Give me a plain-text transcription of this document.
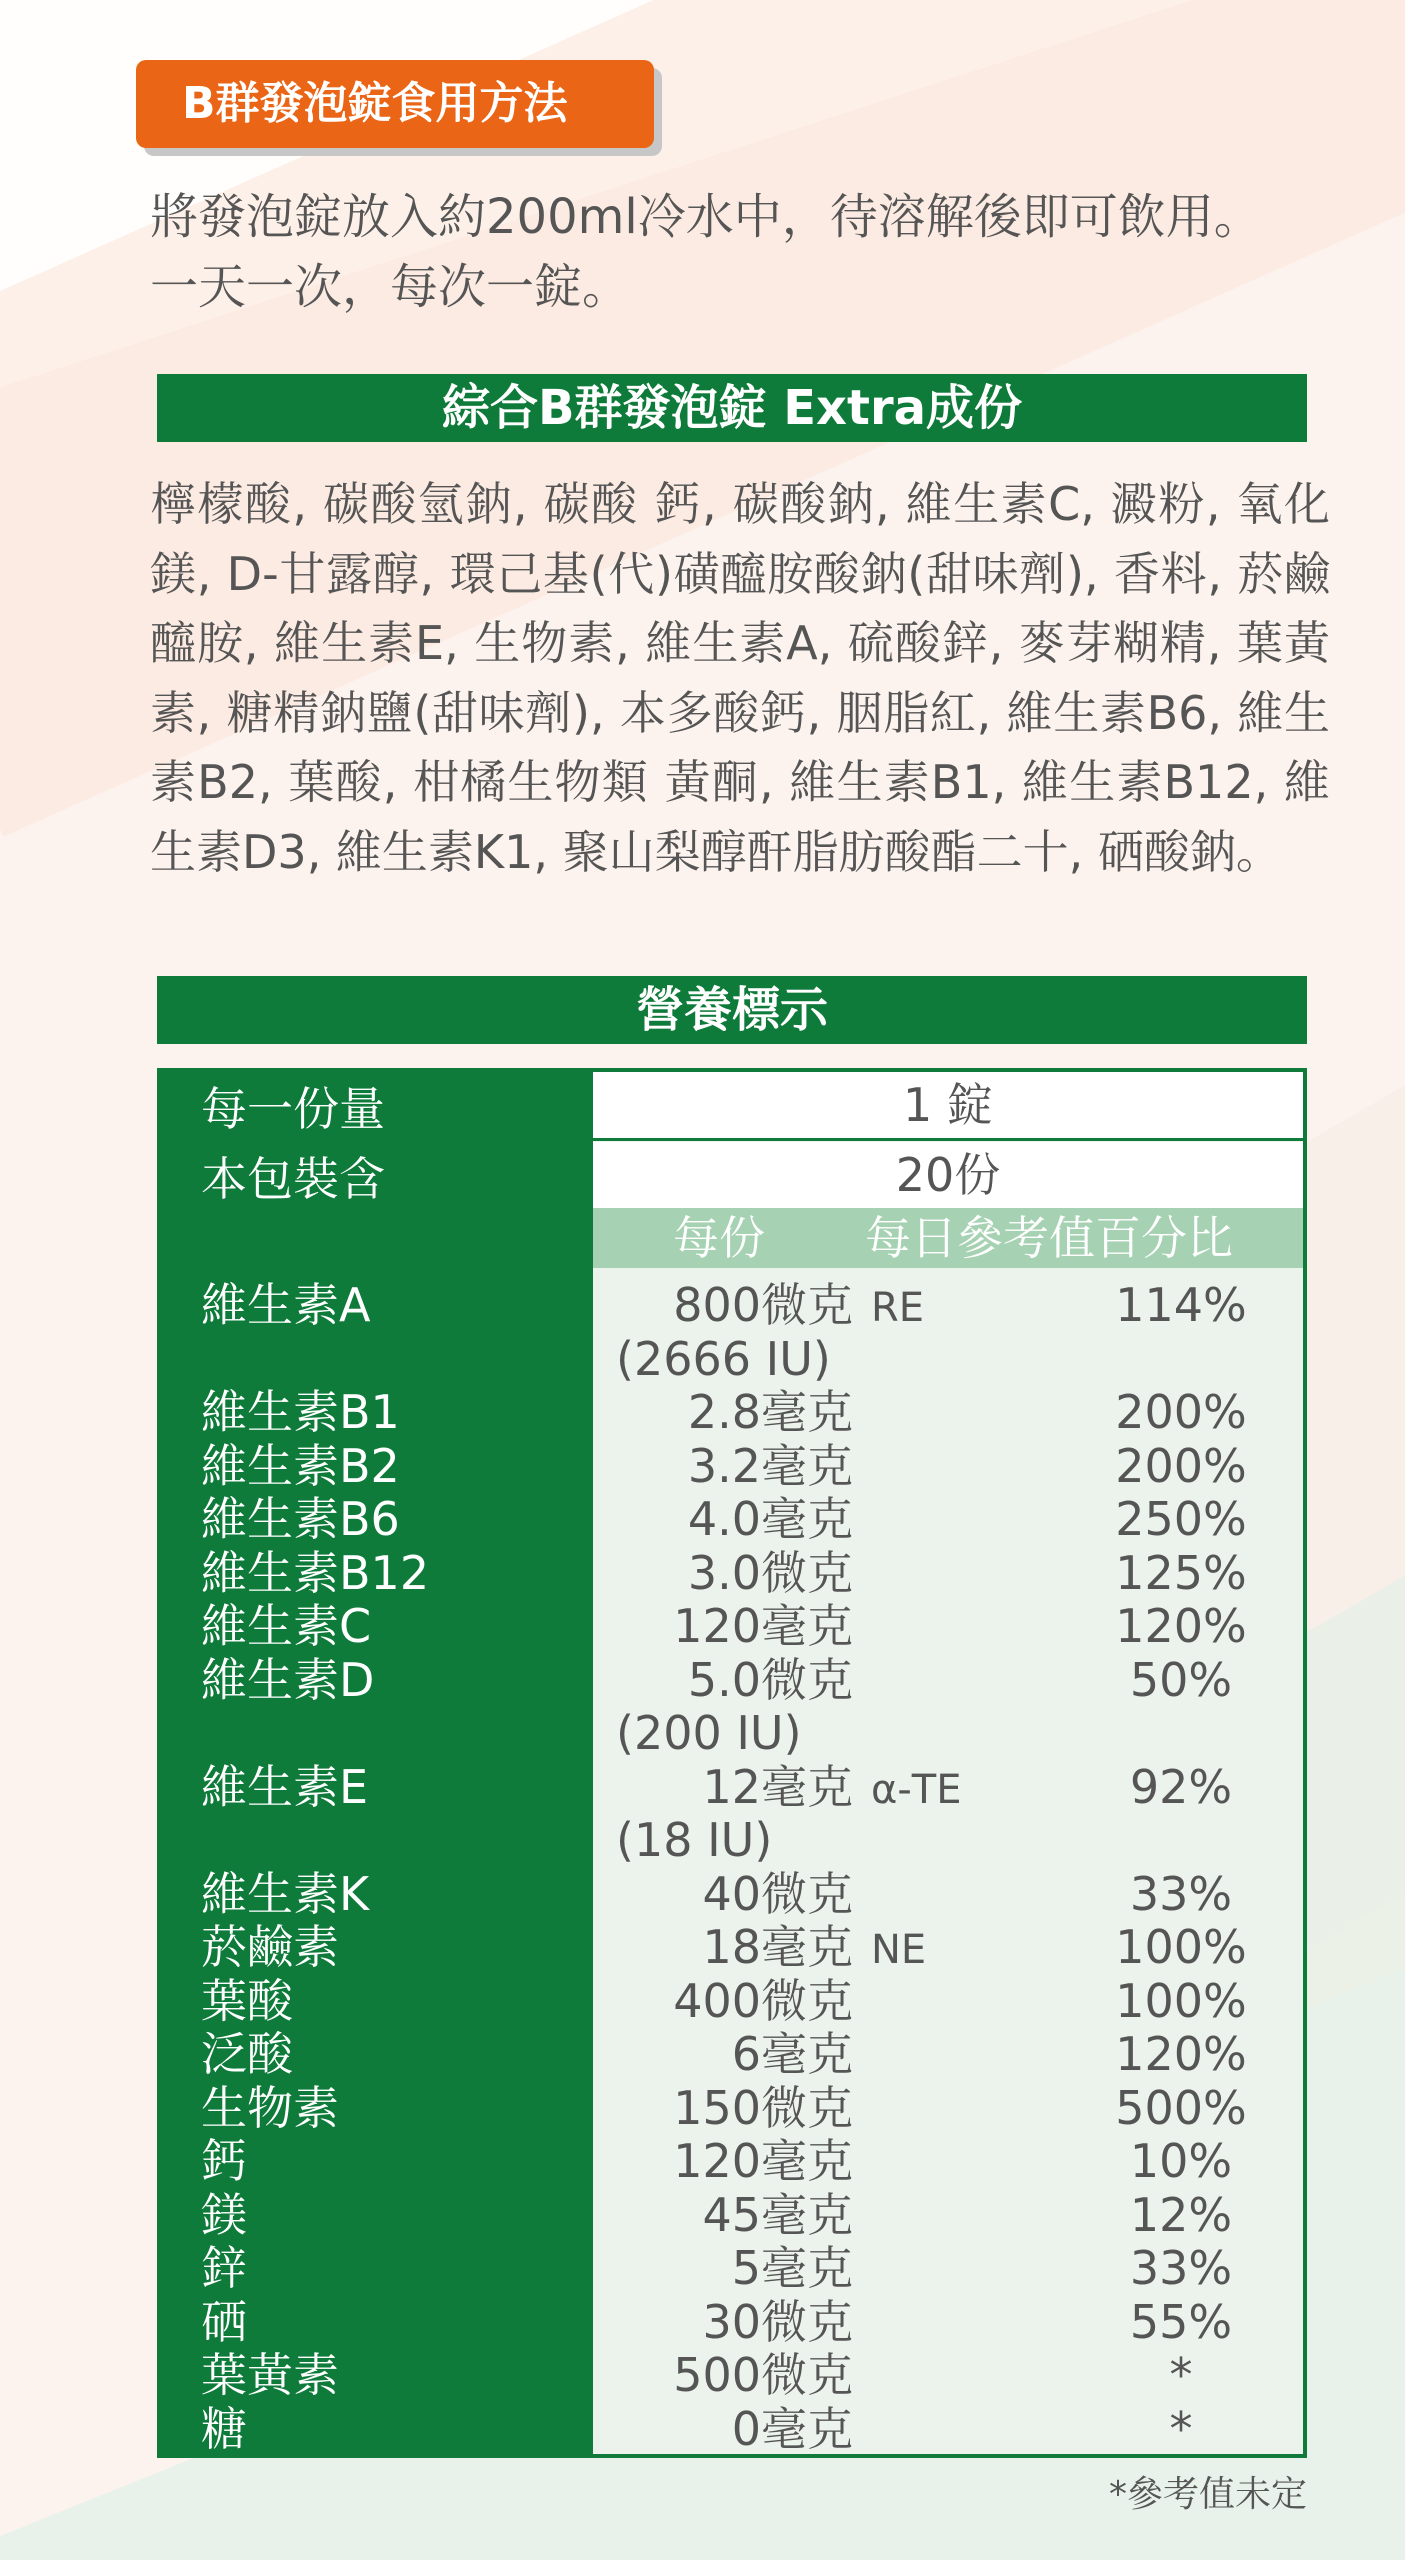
B群發泡錠食用方法
將發泡錠放入約200ml冷水中，待溶解後即可飲用。
一天一次，每次一錠。
綜合B群發泡錠 Extra成份
檸檬酸, 碳酸氫鈉, 碳酸 鈣, 碳酸鈉, 維生素C, 澱粉, 氧化鎂, D-甘露醇, 環己基(代)磺醯胺酸鈉(甜味劑), 香料, 菸鹼醯胺, 維生素E, 生物素, 維生素A, 硫酸鋅, 麥芽糊精, 葉黃素, 糖精鈉鹽(甜味劑), 本多酸鈣, 胭脂紅, 維生素B6, 維生素B2, 葉酸, 柑橘生物類 黃酮, 維生素B1, 維生素B12, 維生素D3, 維生素K1, 聚山梨醇酐脂肪酸酯二十, 硒酸鈉。
營養標示
每一份量	1 錠
本包裝含	20份
每份 每日參考值百分比
維生素A	800微克 RE	114%
(2666 IU)
維生素B1	2.8毫克	200%
維生素B2	3.2毫克	200%
維生素B6	4.0毫克	250%
維生素B12	3.0微克	125%
維生素C	120毫克	120%
維生素D	5.0微克	50%
(200 IU)
維生素E	12毫克 α-TE	92%
(18 IU)
維生素K	40微克	33%
菸鹼素	18毫克 NE	100%
葉酸	400微克	100%
泛酸	6毫克	120%
生物素	150微克	500%
鈣	120毫克	10%
鎂	45毫克	12%
鋅	5毫克	33%
硒	30微克	55%
葉黃素	500微克	*
糖	0毫克	*
*參考值未定
